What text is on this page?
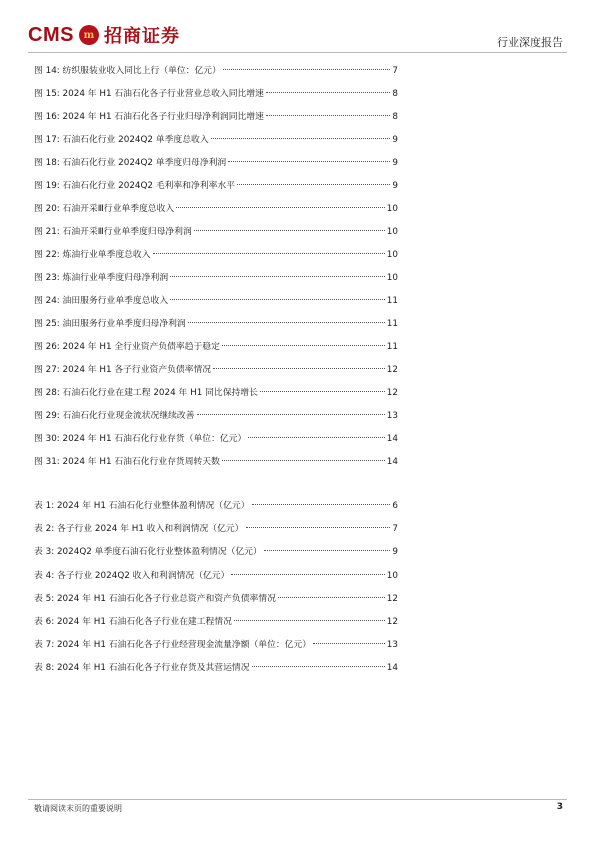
CMS m 招商证券	行业深度报告
图 14: 纺织服装业收入同比上行（单位：亿元）	7
图 15: 2024 年 H1 石油石化各子行业营业总收入同比增速	8
图 16: 2024 年 H1 石油石化各子行业归母净利润同比增速	8
图 17: 石油石化行业 2024Q2 单季度总收入	9
图 18: 石油石化行业 2024Q2 单季度归母净利润	9
图 19: 石油石化行业 2024Q2 毛利率和净利率水平	9
图 20: 石油开采Ⅲ行业单季度总收入	10
图 21: 石油开采Ⅲ行业单季度归母净利润	10
图 22: 炼油行业单季度总收入	10
图 23: 炼油行业单季度归母净利润	10
图 24: 油田服务行业单季度总收入	11
图 25: 油田服务行业单季度归母净利润	11
图 26: 2024 年 H1 全行业资产负债率趋于稳定	11
图 27: 2024 年 H1 各子行业资产负债率情况	12
图 28: 石油石化行业在建工程 2024 年 H1 同比保持增长	12
图 29: 石油石化行业现金流状况继续改善	13
图 30: 2024 年 H1 石油石化行业存货（单位：亿元）	14
图 31: 2024 年 H1 石油石化行业存货周转天数	14
表 1: 2024 年 H1 石油石化行业整体盈利情况（亿元）	6
表 2: 各子行业 2024 年 H1 收入和利润情况（亿元）	7
表 3: 2024Q2 单季度石油石化行业整体盈利情况（亿元）	9
表 4: 各子行业 2024Q2 收入和利润情况（亿元）	10
表 5: 2024 年 H1 石油石化各子行业总资产和资产负债率情况	12
表 6: 2024 年 H1 石油石化各子行业在建工程情况	12
表 7: 2024 年 H1 石油石化各子行业经营现金流量净额（单位：亿元）	13
表 8: 2024 年 H1 石油石化各子行业存货及其营运情况	14
敬请阅读末页的重要说明	3
